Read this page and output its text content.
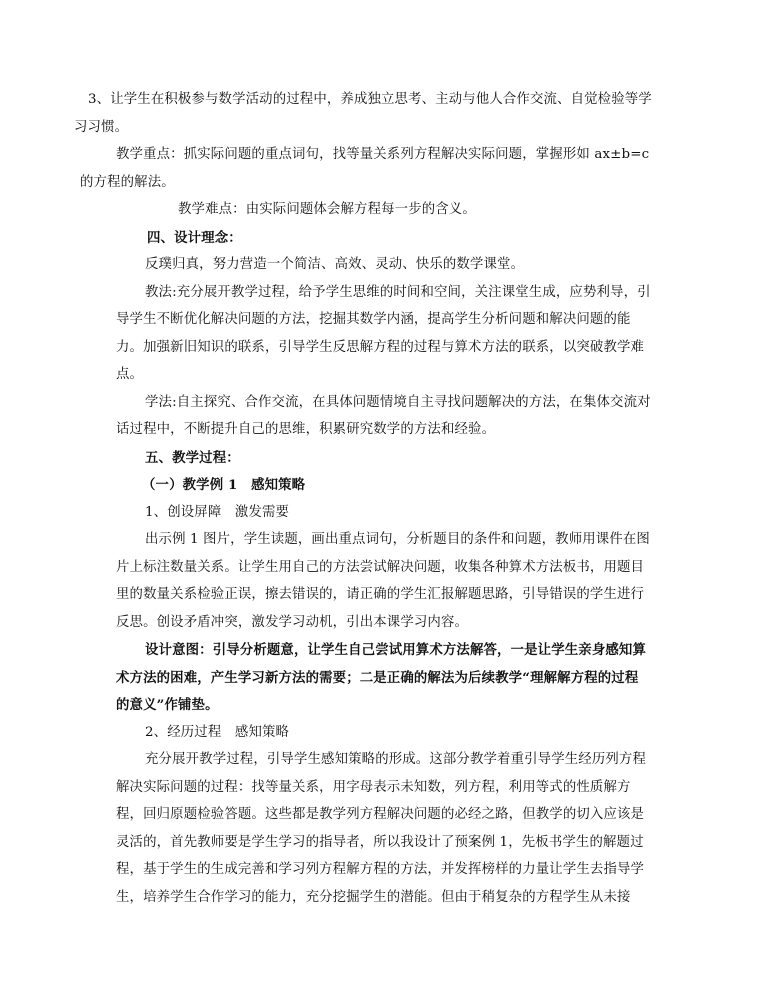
3、让学生在积极参与数学活动的过程中，养成独立思考、主动与他人合作交流、自觉检验等学
习习惯。
教学重点：抓实际问题的重点词句，找等量关系列方程解决实际问题，掌握形如 ax±b=c
的方程的解法。
教学难点：由实际问题体会解方程每一步的含义。
四、设计理念：
反璞归真，努力营造一个简洁、高效、灵动、快乐的数学课堂。
教法:充分展开教学过程，给予学生思维的时间和空间，关注课堂生成，应势利导，引
导学生不断优化解决问题的方法，挖掘其数学内涵，提高学生分析问题和解决问题的能
力。加强新旧知识的联系，引导学生反思解方程的过程与算术方法的联系，以突破教学难
点。
学法:自主探究、合作交流，在具体问题情境自主寻找问题解决的方法，在集体交流对
话过程中，不断提升自己的思维，积累研究数学的方法和经验。
五、教学过程：
（一）教学例 1　感知策略
1、创设屏障　激发需要
出示例 1 图片，学生读题，画出重点词句，分析题目的条件和问题，教师用课件在图
片上标注数量关系。让学生用自己的方法尝试解决问题，收集各种算术方法板书，用题目
里的数量关系检验正误，擦去错误的，请正确的学生汇报解题思路，引导错误的学生进行
反思。创设矛盾冲突，激发学习动机，引出本课学习内容。
设计意图：引导分析题意，让学生自己尝试用算术方法解答，一是让学生亲身感知算
术方法的困难，产生学习新方法的需要；二是正确的解法为后续教学“理解解方程的过程
的意义”作铺垫。
2、经历过程　感知策略
充分展开教学过程，引导学生感知策略的形成。这部分教学着重引导学生经历列方程
解决实际问题的过程：找等量关系，用字母表示未知数，列方程，利用等式的性质解方
程，回归原题检验答题。这些都是教学列方程解决问题的必经之路，但教学的切入应该是
灵活的，首先教师要是学生学习的指导者，所以我设计了预案例 1，先板书学生的解题过
程，基于学生的生成完善和学习列方程解方程的方法，并发挥榜样的力量让学生去指导学
生，培养学生合作学习的能力，充分挖掘学生的潜能。但由于稍复杂的方程学生从未接
